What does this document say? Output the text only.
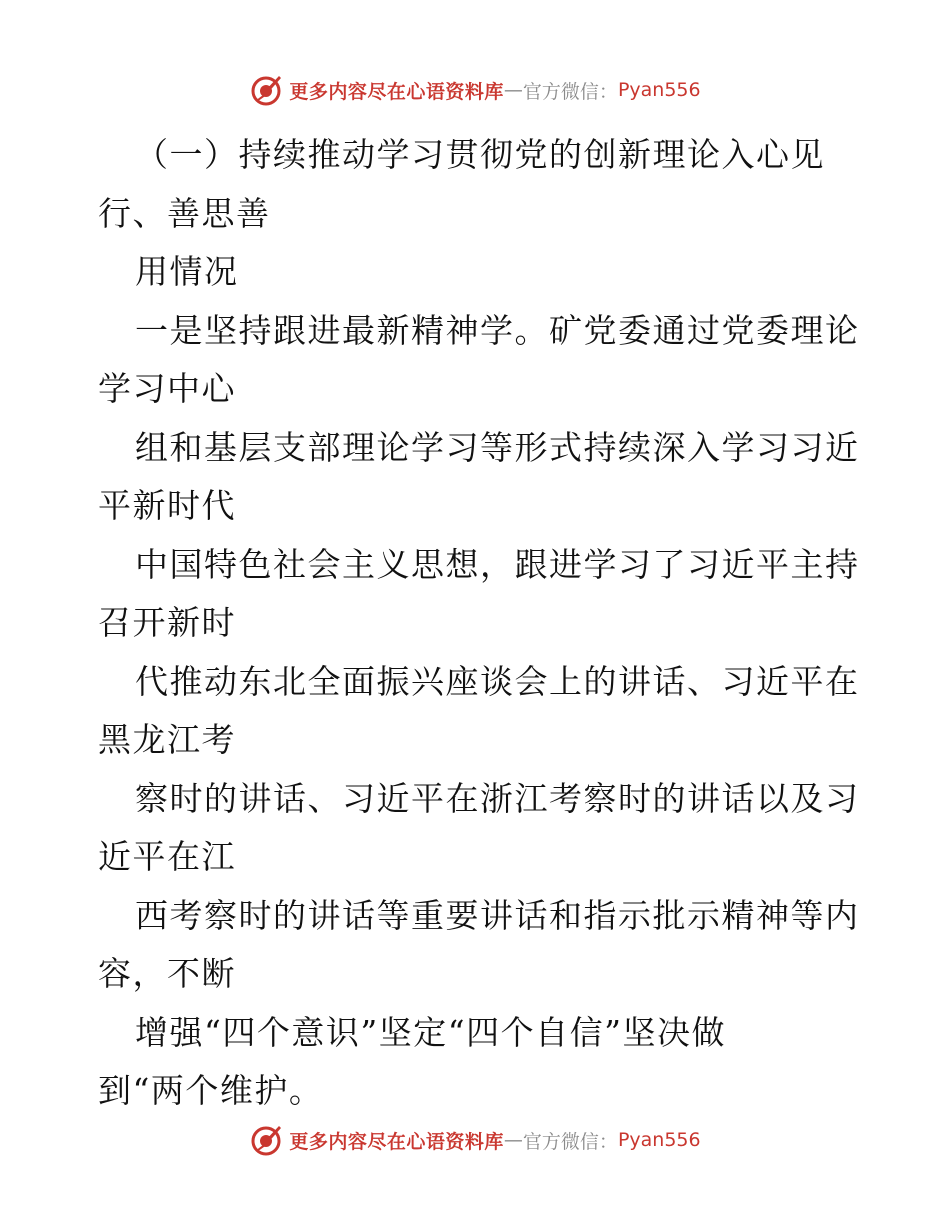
更多内容尽在心语资料库 — 官方微信： Pyan556
（一）持续推动学习贯彻党的创新理论入心见
行、善思善
用情况
一是坚持跟进最新精神学。矿党委通过党委理论
学习中心
组和基层支部理论学习等形式持续深入学习习近
平新时代
中国特色社会主义思想，跟进学习了习近平主持
召开新时
代推动东北全面振兴座谈会上的讲话、习近平在
黑龙江考
察时的讲话、习近平在浙江考察时的讲话以及习
近平在江
西考察时的讲话等重要讲话和指示批示精神等内
容，不断
增强“四个意识”坚定“四个自信”坚决做
到“两个维护。
更多内容尽在心语资料库 — 官方微信： Pyan556
